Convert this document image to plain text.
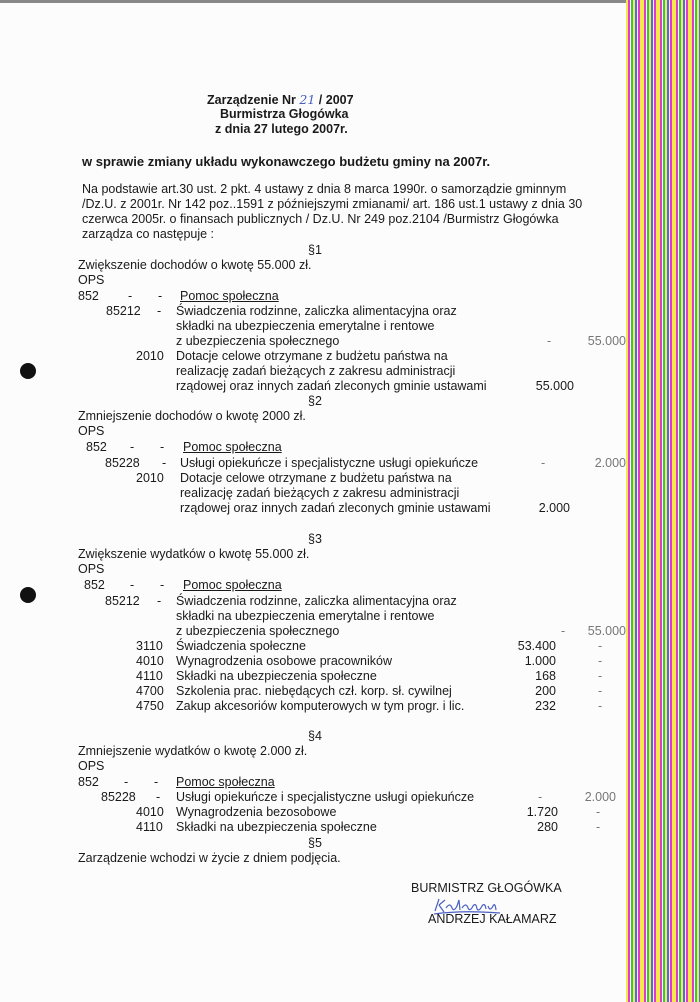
Zarządzenie Nr 21 / 2007
Burmistrza Głogówka
z dnia 27 lutego 2007r.
w sprawie zmiany układu wykonawczego budżetu gminy na 2007r.
Na podstawie art.30 ust. 2 pkt. 4 ustawy z dnia 8 marca 1990r. o samorządzie gminnym
/Dz.U. z 2001r. Nr 142 poz..1591 z późniejszymi zmianami/ art. 186 ust.1 ustawy z dnia 30
czerwca 2005r. o finansach publicznych / Dz.U. Nr 249 poz.2104 /Burmistrz Głogówka
zarządza co następuje :
§1
Zwiększenie dochodów o kwotę 55.000 zł.
OPS
852 - - Pomoc społeczna
85212 - Świadczenia rodzinne, zaliczka alimentacyjna oraz
składki na ubezpieczenia emerytalne i rentowe
z ubezpieczenia społecznego	-	55.000
2010 Dotacje celowe otrzymane z budżetu państwa na
realizację zadań bieżących z zakresu administracji
rządowej oraz innych zadań zleconych gminie ustawami	55.000
§2
Zmniejszenie dochodów o kwotę 2000 zł.
OPS
852 - - Pomoc społeczna
85228 - Usługi opiekuńcze i specjalistyczne usługi opiekuńcze	-	2.000
2010 Dotacje celowe otrzymane z budżetu państwa na
realizację zadań bieżących z zakresu administracji
rządowej oraz innych zadań zleconych gminie ustawami	2.000
§3
Zwiększenie wydatków o kwotę 55.000 zł.
OPS
852 - - Pomoc społeczna
85212 - Świadczenia rodzinne, zaliczka alimentacyjna oraz
składki na ubezpieczenia emerytalne i rentowe
z ubezpieczenia społecznego	-	55.000
3110 Świadczenia społeczne	53.400	-
4010 Wynagrodzenia osobowe pracowników	1.000	-
4110 Składki na ubezpieczenia społeczne	168	-
4700 Szkolenia prac. niebędących czł. korp. sł. cywilnej	200	-
4750 Zakup akcesoriów komputerowych w tym progr. i lic.	232	-
§4
Zmniejszenie wydatków o kwotę 2.000 zł.
OPS
852 - - Pomoc społeczna
85228 - Usługi opiekuńcze i specjalistyczne usługi opiekuńcze	-	2.000
4010 Wynagrodzenia bezosobowe	1.720	-
4110 Składki na ubezpieczenia społeczne	280	-
§5
Zarządzenie wchodzi w życie z dniem podjęcia.
BURMISTRZ GŁOGÓWKA
ANDRZEJ KAŁAMARZ
